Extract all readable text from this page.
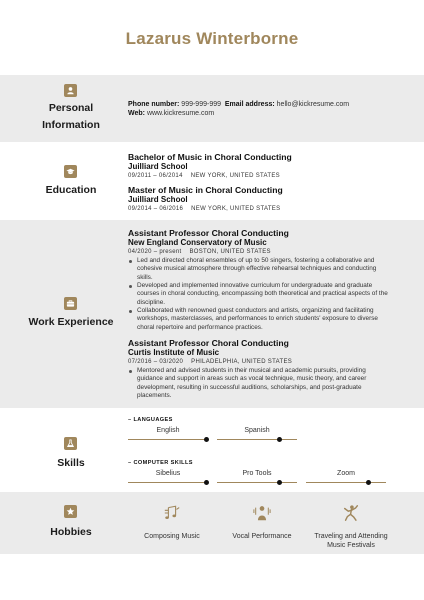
Lazarus Winterborne
Personal Information
Phone number: 999-999-999 Email address: hello@kickresume.com
Web: www.kickresume.com
Education
Bachelor of Music in Choral Conducting
Juilliard School
09/2011 – 06/2014 NEW YORK, UNITED STATES
Master of Music in Choral Conducting
Juilliard School
09/2014 – 06/2016 NEW YORK, UNITED STATES
Work Experience
Assistant Professor Choral Conducting
New England Conservatory of Music
04/2020 – present BOSTON, UNITED STATES
Led and directed choral ensembles of up to 50 singers, fostering a collaborative and cohesive musical atmosphere through effective rehearsal techniques and conducting skills.
Developed and implemented innovative curriculum for undergraduate and graduate courses in choral conducting, encompassing both theoretical and practical aspects of the discipline.
Collaborated with renowned guest conductors and artists, organizing and facilitating workshops, masterclasses, and performances to enrich students' exposure to diverse choral repertoire and performance practices.
Assistant Professor Choral Conducting
Curtis Institute of Music
07/2016 – 03/2020 PHILADELPHIA, UNITED STATES
Mentored and advised students in their musical and academic pursuits, providing guidance and support in areas such as vocal technique, music theory, and career development, resulting in successful auditions, scholarships, and post-graduate placements.
Skills
– LANGUAGES
English	Spanish
– COMPUTER SKILLS
Sibelius	Pro Tools	Zoom
Hobbies	Composing Music	Vocal Performance	Traveling and Attending Music Festivals
